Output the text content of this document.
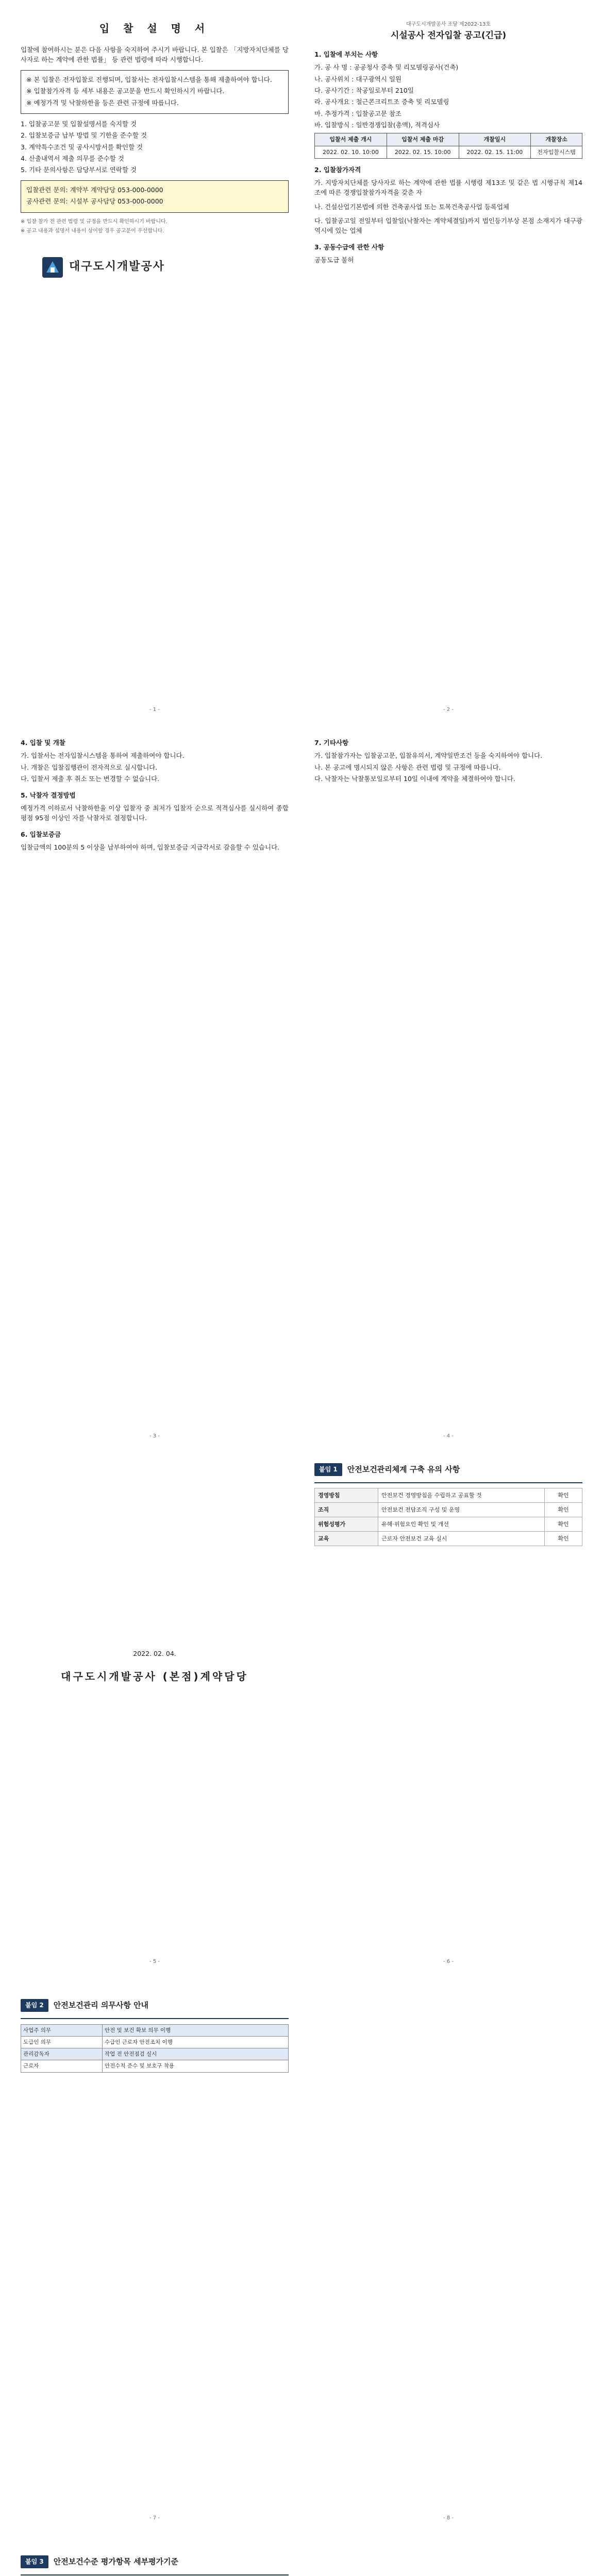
입 찰 설 명 서

입찰에 참여하시는 분은 다음 사항을 숙지하여 주시기 바랍니다. 본 입찰은 「지방자치단체를 당사자로 하는 계약에 관한 법률」 등 관련 법령에 따라 시행합니다.

※ 본 입찰은 전자입찰로 진행되며, 입찰서는 전자입찰시스템을 통해 제출하여야 합니다.
※ 입찰참가자격 등 세부 내용은 공고문을 반드시 확인하시기 바랍니다.
※ 예정가격 및 낙찰하한율 등은 관련 규정에 따릅니다.
1. 입찰공고문 및 입찰설명서를 숙지할 것
2. 입찰보증금 납부 방법 및 기한을 준수할 것
3. 계약특수조건 및 공사시방서를 확인할 것
4. 산출내역서 제출 의무를 준수할 것
5. 기타 문의사항은 담당부서로 연락할 것
입찰관련 문의: 계약부 계약담당 053-000-0000
공사관련 문의: 시설부 공사담당 053-000-0000
※ 입찰 참가 전 관련 법령 및 규정을 반드시 확인하시기 바랍니다.
※ 공고 내용과 설명서 내용이 상이할 경우 공고문이 우선합니다.
대구도시개발공사
대구도시개발공사 조달 제2022-13호
시설공사 전자입찰 공고(긴급)
1. 입찰에 부치는 사항
가. 공 사 명 : 공공청사 증축 및 리모델링공사(건축)
나. 공사위치 : 대구광역시 일원
다. 공사기간 : 착공일로부터 210일
라. 공사개요 : 철근콘크리트조 증축 및 리모델링
마. 추정가격 : 입찰공고문 참조
바. 입찰방식 : 일반경쟁입찰(총액), 적격심사
입찰서 제출 개시	입찰서 제출 마감	개찰일시	개찰장소
2022. 02. 10. 10:00	2022. 02. 15. 10:00	2022. 02. 15. 11:00	전자입찰시스템
2. 입찰참가자격

가. 지방자치단체를 당사자로 하는 계약에 관한 법률 시행령 제13조 및 같은 법 시행규칙 제14조에 따른 경쟁입찰참가자격을 갖춘 자

나. 건설산업기본법에 의한 건축공사업 또는 토목건축공사업 등록업체

다. 입찰공고일 전일부터 입찰일(낙찰자는 계약체결일)까지 법인등기부상 본점 소재지가 대구광역시에 있는 업체

3. 공동수급에 관한 사항

공동도급 불허

- 1 -	- 2 -
4. 입찰 및 개찰
가. 입찰서는 전자입찰시스템을 통하여 제출하여야 합니다.
나. 개찰은 입찰집행관이 전자적으로 실시합니다.
다. 입찰서 제출 후 취소 또는 변경할 수 없습니다.
5. 낙찰자 결정방법

예정가격 이하로서 낙찰하한율 이상 입찰자 중 최저가 입찰자 순으로 적격심사를 실시하여 종합평점 95점 이상인 자를 낙찰자로 결정합니다.

6. 입찰보증금

입찰금액의 100분의 5 이상을 납부하여야 하며, 입찰보증금 지급각서로 갈음할 수 있습니다.

7. 기타사항
가. 입찰참가자는 입찰공고문, 입찰유의서, 계약일반조건 등을 숙지하여야 합니다.
나. 본 공고에 명시되지 않은 사항은 관련 법령 및 규정에 따릅니다.
다. 낙찰자는 낙찰통보일로부터 10일 이내에 계약을 체결하여야 합니다.
- 3 -	- 4 -
2022. 02. 04.
대구도시개발공사 (본점)계약담당
붙임 1	안전보건관리체계 구축 유의 사항
경영방침	안전보건 경영방침을 수립하고 공표할 것	확인
조직	안전보건 전담조직 구성 및 운영	확인
위험성평가	유해·위험요인 확인 및 개선	확인
교육	근로자 안전보건 교육 실시	확인
- 5 -	- 6 -
붙임 2	안전보건관리 의무사항 안내
사업주 의무	안전 및 보건 확보 의무 이행
도급인 의무	수급인 근로자 안전조치 이행
관리감독자	작업 전 안전점검 실시
근로자	안전수칙 준수 및 보호구 착용
- 7 -	- 8 -
붙임 3	안전보건수준 평가항목 세부평가기준
